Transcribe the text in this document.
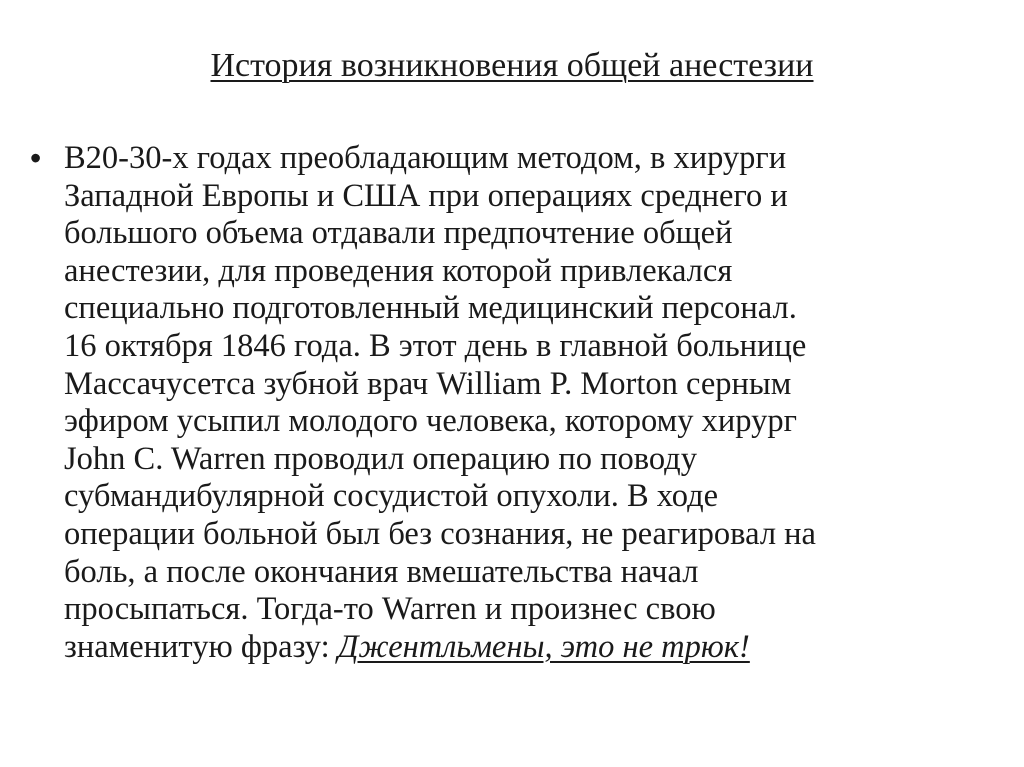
История возникновения общей анестезии
• В20-30-х годах преобладающим методом, в хирурги
Западной Европы и США при операциях среднего и
большого объема отдавали предпочтение общей
анестезии, для проведения которой привлекался
специально подготовленный медицинский персонал.
16 октября 1846 года. В этот день в главной больнице
Массачусетса зубной врач William P. Morton серным
эфиром усыпил молодого человека, которому хирург
John C. Warren проводил операцию по поводу
субмандибулярной сосудистой опухоли. В ходе
операции больной был без сознания, не реагировал на
боль, а после окончания вмешательства начал
просыпаться. Тогда-то Warren и произнес свою
знаменитую фразу: Джентльмены, это не трюк!
